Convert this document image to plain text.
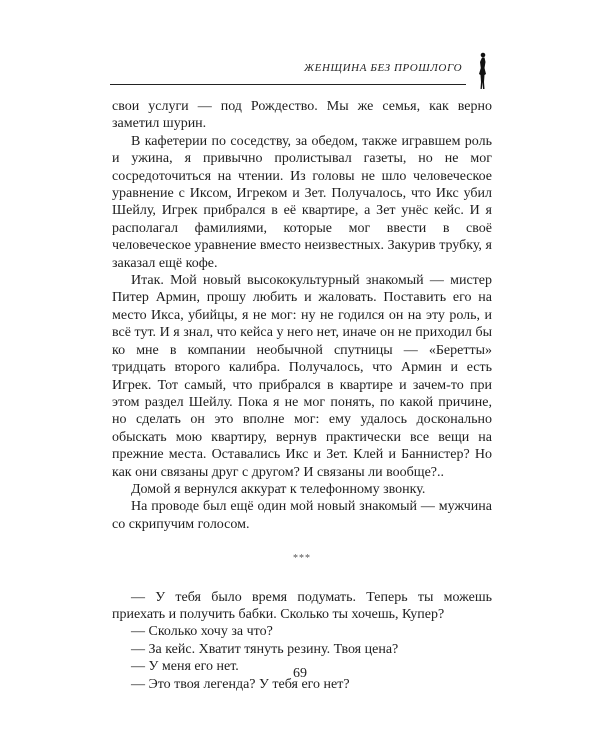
ЖЕНЩИНА БЕЗ ПРОШЛОГО

свои услуги — под Рождество. Мы же семья, как верно заметил шурин.

В кафетерии по соседству, за обедом, также игравшем роль и ужина, я привычно пролистывал газеты, но не мог сосредоточиться на чтении. Из головы не шло человеческое уравнение с Иксом, Игреком и Зет. Получалось, что Икс убил Шейлу, Игрек прибрался в её квартире, а Зет унёс кейс. И я располагал фамилиями, которые мог ввести в своё человеческое уравнение вместо неизвестных. Закурив трубку, я заказал ещё кофе.

Итак. Мой новый высококультурный знакомый — мистер Питер Армин, прошу любить и жаловать. Поставить его на место Икса, убийцы, я не мог: ну не годился он на эту роль, и всё тут. И я знал, что кейса у него нет, иначе он не приходил бы ко мне в компании необычной спутницы — «Беретты» тридцать второго калибра. Получалось, что Армин и есть Игрек. Тот самый, что прибрался в квартире и зачем-то при этом раздел Шейлу. Пока я не мог понять, по какой причине, но сделать он это вполне мог: ему удалось досконально обыскать мою квартиру, вернув практически все вещи на прежние места. Оставались Икс и Зет. Клей и Баннистер? Но как они связаны друг с другом? И связаны ли вообще?..

Домой я вернулся аккурат к телефонному звонку.

На проводе был ещё один мой новый знакомый — мужчина со скрипучим голосом.

***

— У тебя было время подумать. Теперь ты можешь приехать и получить бабки. Сколько ты хочешь, Купер?

— Сколько хочу за что?

— За кейс. Хватит тянуть резину. Твоя цена?

— У меня его нет.

— Это твоя легенда? У тебя его нет?

69
